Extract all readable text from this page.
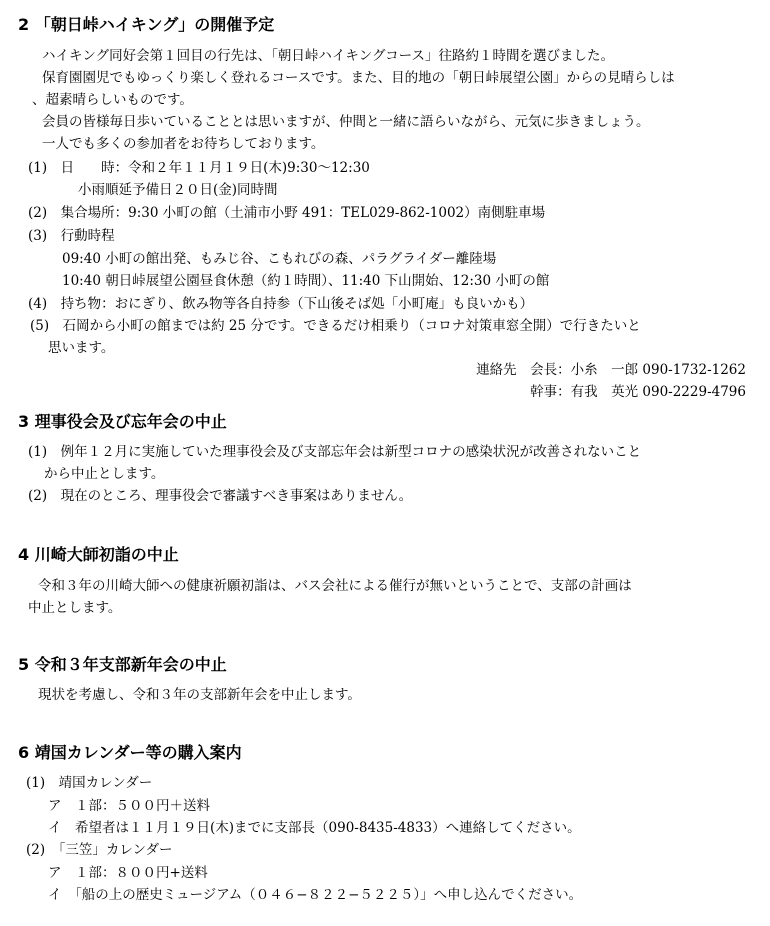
2 「朝日峠ハイキング」の開催予定
ハイキング同好会第１回目の行先は、「朝日峠ハイキングコース」往路約１時間を選びました。
保育園園児でもゆっくり楽しく登れるコースです。また、目的地の「朝日峠展望公園」からの見晴らしは
、超素晴らしいものです。
会員の皆様毎日歩いていることとは思いますが、仲間と一緒に語らいながら、元気に歩きましょう。
一人でも多くの参加者をお待ちしております。
(1)　日　　時：令和２年１１月１９日(木)9:30～12:30
小雨順延予備日２０日(金)同時間
(2)　集合場所：9:30 小町の館（土浦市小野 491：TEL029-862-1002）南側駐車場
(3)　行動時程
09:40 小町の館出発、もみじ谷、こもれびの森、パラグライダー離陸場
10:40 朝日峠展望公園昼食休憩（約１時間）、11:40 下山開始、12:30 小町の館
(4)　持ち物：おにぎり、飲み物等各自持参（下山後そば処「小町庵」も良いかも）
(5)　石岡から小町の館までは約 25 分です。できるだけ相乗り（コロナ対策車窓全開）で行きたいと
思います。
連絡先　会長：小糸　一郎 090-1732-1262
幹事：有我　英光 090-2229-4796
3 理事役会及び忘年会の中止
(1)　例年１２月に実施していた理事役会及び支部忘年会は新型コロナの感染状況が改善されないこと
から中止とします。
(2)　現在のところ、理事役会で審議すべき事案はありません。
4 川崎大師初詣の中止
令和３年の川崎大師への健康祈願初詣は、バス会社による催行が無いということで、支部の計画は
中止とします。
5 令和３年支部新年会の中止
現状を考慮し、令和３年の支部新年会を中止します。
6 靖国カレンダー等の購入案内
(1)　靖国カレンダー
ア　１部：５００円＋送料
イ　希望者は１１月１９日(木)までに支部長（090-8435-4833）へ連絡してください。
(2)　「三笠」カレンダー
ア　１部：８００円+送料
イ　「船の上の歴史ミュージアム（０４６−８２２−５２２５）」へ申し込んでください。
